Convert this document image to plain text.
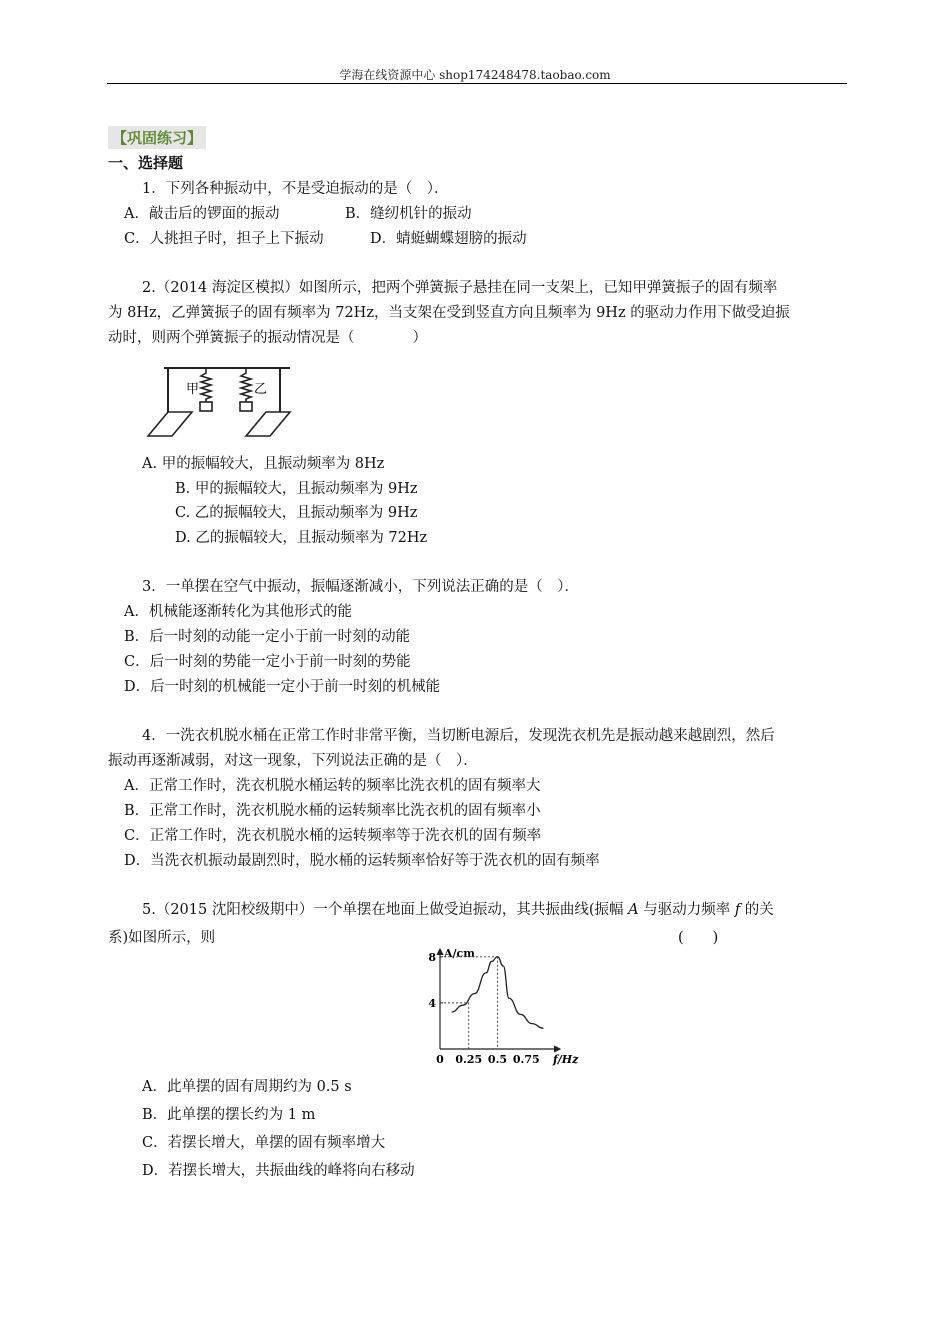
学海在线资源中心 shop174248478.taobao.com
【巩固练习】
一、选择题
1．下列各种振动中，不是受迫振动的是（　）．
A．敲击后的锣面的振动	B．缝纫机针的振动
C．人挑担子时，担子上下振动	D．蜻蜓蝴蝶翅膀的振动
2.（2014 海淀区模拟）如图所示，把两个弹簧振子悬挂在同一支架上，已知甲弹簧振子的固有频率
为 8Hz，乙弹簧振子的固有频率为 72Hz，当支架在受到竖直方向且频率为 9Hz 的驱动力作用下做受迫振
动时，则两个弹簧振子的振动情况是（　　　　）
甲	乙
A. 甲的振幅较大，且振动频率为 8Hz
B. 甲的振幅较大，且振动频率为 9Hz
C. 乙的振幅较大，且振动频率为 9Hz
D. 乙的振幅较大，且振动频率为 72Hz
3．一单摆在空气中振动，振幅逐渐减小，下列说法正确的是（　）．
A．机械能逐渐转化为其他形式的能
B．后一时刻的动能一定小于前一时刻的动能
C．后一时刻的势能一定小于前一时刻的势能
D．后一时刻的机械能一定小于前一时刻的机械能
4．一洗衣机脱水桶在正常工作时非常平衡，当切断电源后，发现洗衣机先是振动越来越剧烈，然后
振动再逐渐减弱，对这一现象，下列说法正确的是（　）．
A．正常工作时，洗衣机脱水桶运转的频率比洗衣机的固有频率大
B．正常工作时，洗衣机脱水桶的运转频率比洗衣机的固有频率小
C．正常工作时，洗衣机脱水桶的运转频率等于洗衣机的固有频率
D．当洗衣机振动最剧烈时，脱水桶的运转频率恰好等于洗衣机的固有频率
5.（2015 沈阳校级期中）一个单摆在地面上做受迫振动，其共振曲线(振幅 A 与驱动力频率 f 的关
系)如图所示，则	(　　)
A/cm
f/Hz
0 0.25 0.5 0.75
4
8
A．此单摆的固有周期约为 0.5 s
B．此单摆的摆长约为 1 m
C．若摆长增大，单摆的固有频率增大
D．若摆长增大，共振曲线的峰将向右移动
